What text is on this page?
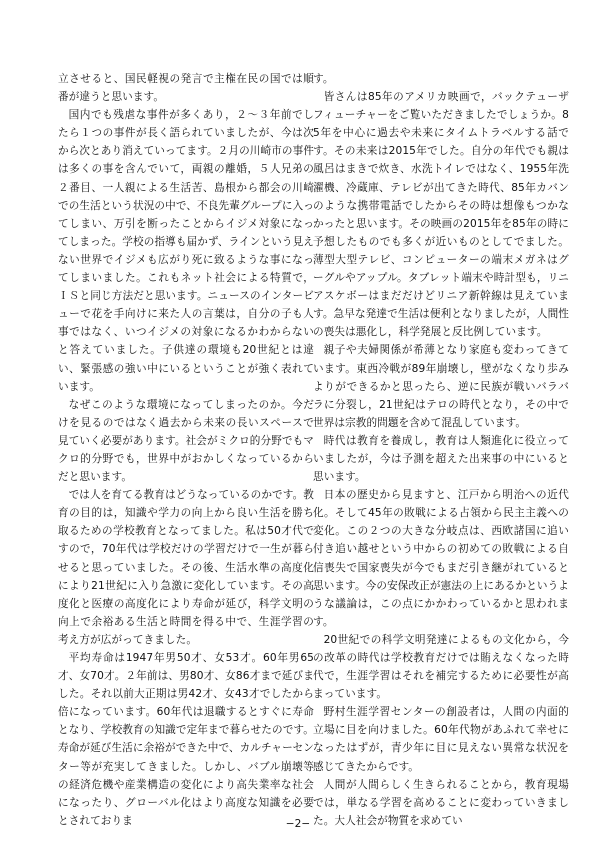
立させると、国民軽視の発言で主権在民の国では順番が違うと思います。

国内でも残虐な事件が多くあり，２～３年前でしたら１つの事件が長く語られていましたが、今は次から次とあり消えていってます。２月の川崎市の事件は多くの事を含んでいて，両親の離婚，５人兄弟の２番目、一人親による生活苦、島根から都会の川崎での生活という状況の中で、不良先輩グループに入ってしまい、万引を断ったことからイジメ対象になってしまった。学校の指導も届かず、ラインという見えない世界でイジメも広がり死に致るような事になってしまいました。これもネット社会による特質で，ＩＳと同じ方法だと思います。ニュースのインタービューで花を手向けに来た人の言葉は，自分の子も人事ではなく、いつイジメの対象になるかわからないと答えていました。子供達の環境も20世紀とは違い、緊張感の強い中にいるということが強く表れています。

なぜこのような環境になってしまったのか。今だけを見るのではなく過去から未来の長いスペースで見ていく必要があります。社会がミクロ的分野でもマクロ的分野でも，世界中がおかしくなっているからだと思います。

では人を育てる教育はどうなっているのかです。教育の目的は，知識や学力の向上から良い生活を勝ち取るための学校教育となってました。私は50才代ですので，70年代は学校だけの学習だけで一生が暮らせると思っていました。その後、生活水準の高度化により21世紀に入り急激に変化しています。その高度化と医療の高度化により寿命が延び，科学文明の向上で余裕ある生活と時間を得る中で、生涯学習の考え方が広がってきました。

平均寿命は1947年男50才、女53才。60年男65才、女70才。２年前は、男80才、女86才まで延びました。それ以前大正期は男42才、女43才でしたから倍になっています。60年代は退職するとすぐに寿命となり、学校教育の知識で定年まで暮らせたのです。寿命が延び生活に余裕ができた中で、カルチャーセンター等が充実してきました。しかし、バブル崩壊等の経済危機や産業構造の変化により高失業率な社会になったり、グローバル化はより高度な知識を必要とされておりま

す。

皆さんは85年のアメリカ映画で，バックテューザフィューチャーをご覧いただきましたでしょうか。85年を中心に過去や未来にタイムトラベルする話です。その未来は2015年でした。自分の年代でも親は風呂はまきで炊き、水洗トイレではなく、1955年洗濯機、冷蔵庫、テレビが出てきた時代、85年カバンのような携帯電話でしたからその時は想像もつかなかったと思います。その映画の2015年を85年の時に予想したものでも多くが近いものとしてでました。薄型大型テレビ、コンピューターの端末メガネはグーグルやアップル。タブレット端末や時計型も，リニアスケボーはまだだけどリニア新幹線は見えています。急早な発達で生活は便利となりましたが，人間性の喪失は悪化し，科学発展と反比例しています。

親子や夫婦関係が希薄となり家庭も変わってきています。東西冷戦が89年崩壊し，壁がなくなり歩みよりができるかと思ったら、逆に民族が戦いバラバラに分裂し，21世紀はテロの時代となり，その中で世界は宗教的問題を含めて混乱しています。

時代は教育を養成し，教育は人類進化に役立っていましたが，今は予測を超えた出来事の中にいると思います。

日本の歴史から見ますと、江戸から明治への近代化。そして45年の敗戦による占領から民主主義への変化。この２つの大きな分岐点は、西欧諸国に追い付き追い越せという中からの初めての敗戦による自信喪失で国家喪失が今でもまだ引き継がれていると思います。今の安保改正が憲法の上にあるかというような議論は，この点にかかわっているかと思われます。

20世紀での科学文明発達によるもの文化から，今の改革の時代は学校教育だけでは賄えなくなった時代で，生涯学習はそれを補完するために必要性が高まっています。

野村生涯学習センターの創設者は，人間の内面的立場に目を向けました。60年代物があふれて幸せになったはずが，青少年に目に見えない異常な状況を感じてきたからです。

人間が人間らしく生きられることから，教育現場では，単なる学習を高めることに変わっていきました。大人社会が物質を求めてい

−2−
